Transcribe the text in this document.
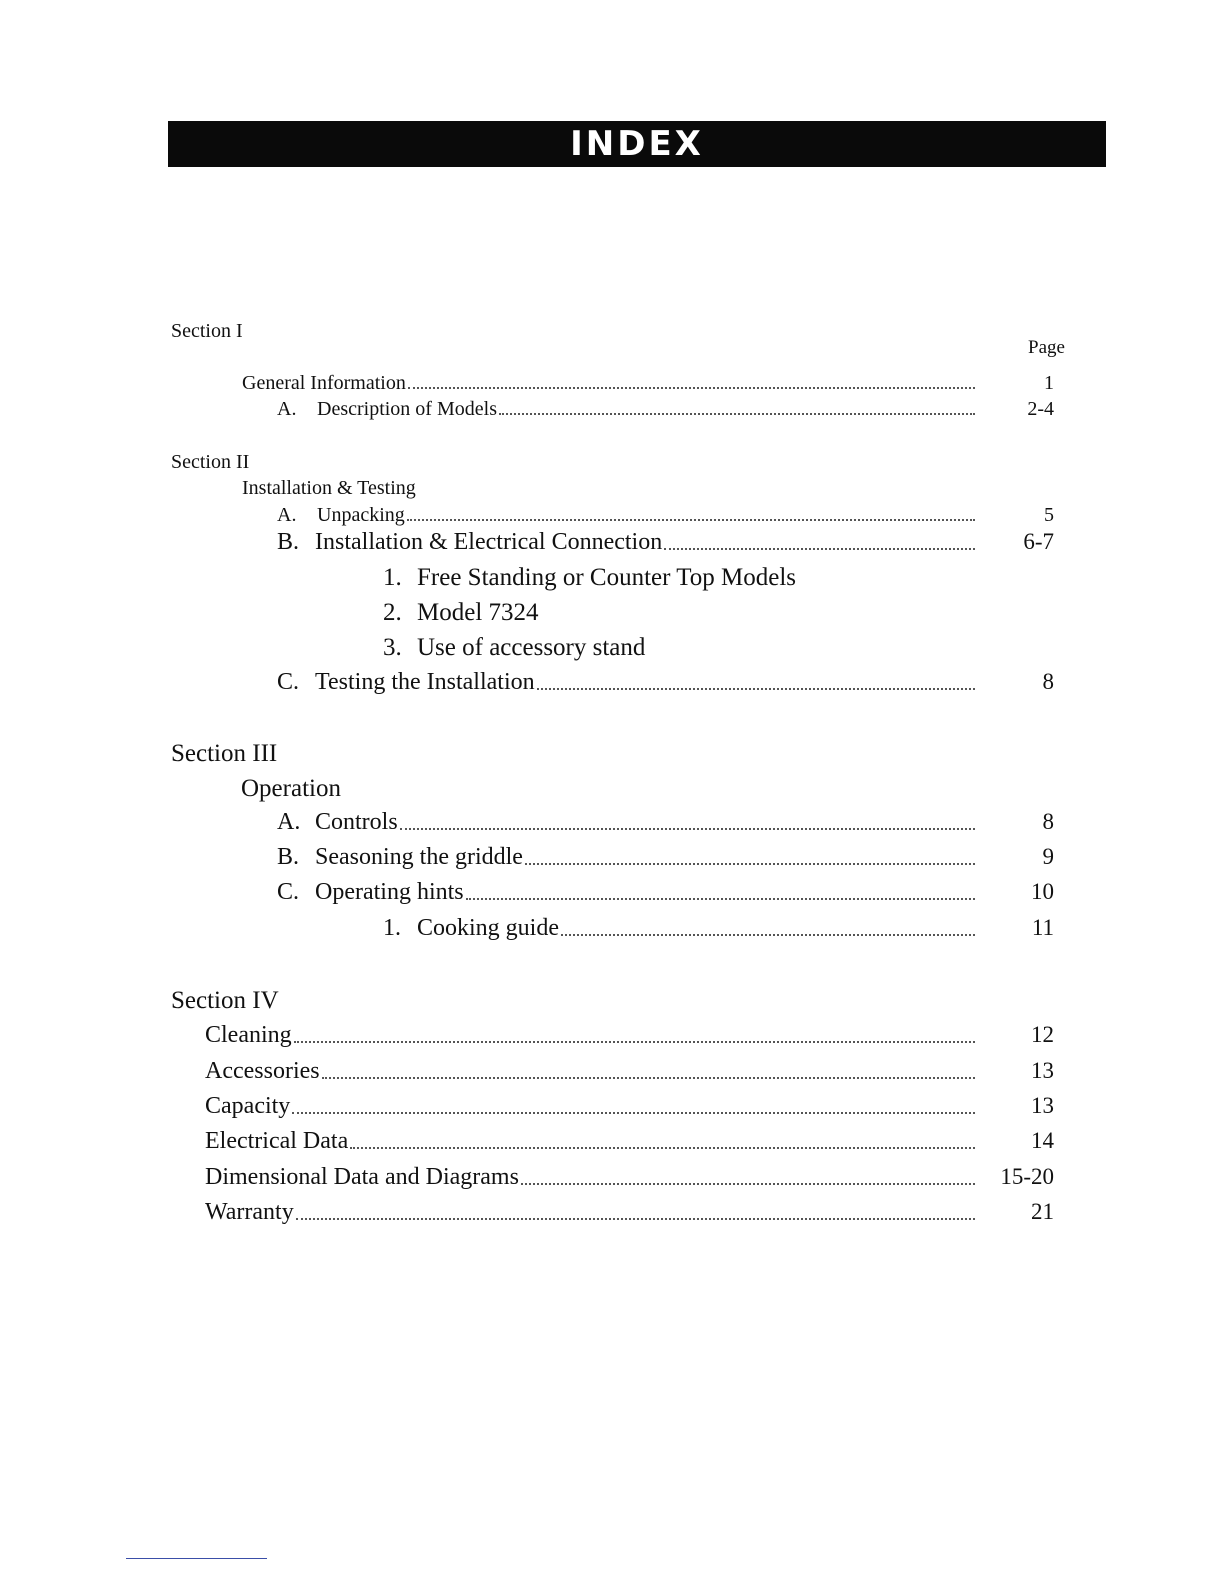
INDEX
Section I
Page
General Information	1
A. Description of Models	2-4
Section II
Installation & Testing
A. Unpacking	5
B. Installation & Electrical Connection	6-7
1. Free Standing or Counter Top Models
2. Model 7324
3. Use of accessory stand
C. Testing the Installation	8
Section III
Operation
A. Controls	8
B. Seasoning the griddle	9
C. Operating hints	10
1. Cooking guide	11
Section IV
Cleaning	12
Accessories	13
Capacity	13
Electrical Data	14
Dimensional Data and Diagrams	15-20
Warranty	21
